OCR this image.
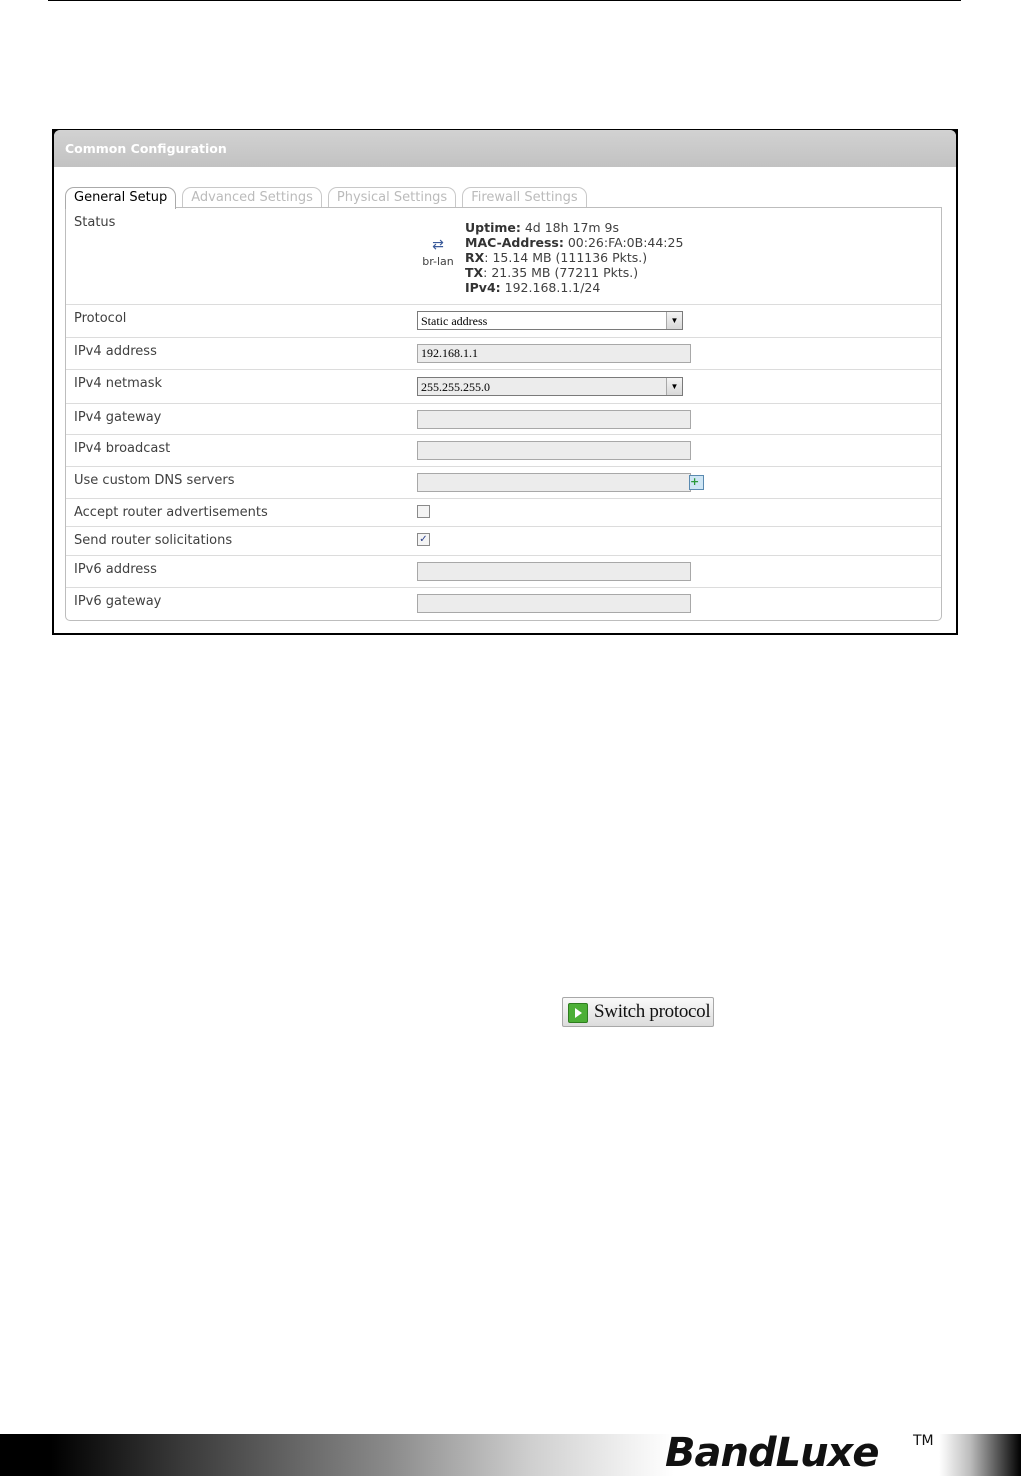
Common Configuration
General Setup	Advanced Settings	Physical Settings	Firewall Settings
Status
⇄
br-lan
Uptime: 4d 18h 17m 9s
MAC-Address: 00:26:FA:0B:44:25
RX: 15.14 MB (111136 Pkts.)
TX: 21.35 MB (77211 Pkts.)
IPv4: 192.168.1.1/24
Protocol	Static address	▼
IPv4 address	192.168.1.1
IPv4 netmask	255.255.255.0	▼
IPv4 gateway
IPv4 broadcast
Use custom DNS servers	+
Accept router advertisements	☐
Send router solicitations	✓
IPv6 address
IPv6 gateway
Switch protocol
BandLuxe TM
